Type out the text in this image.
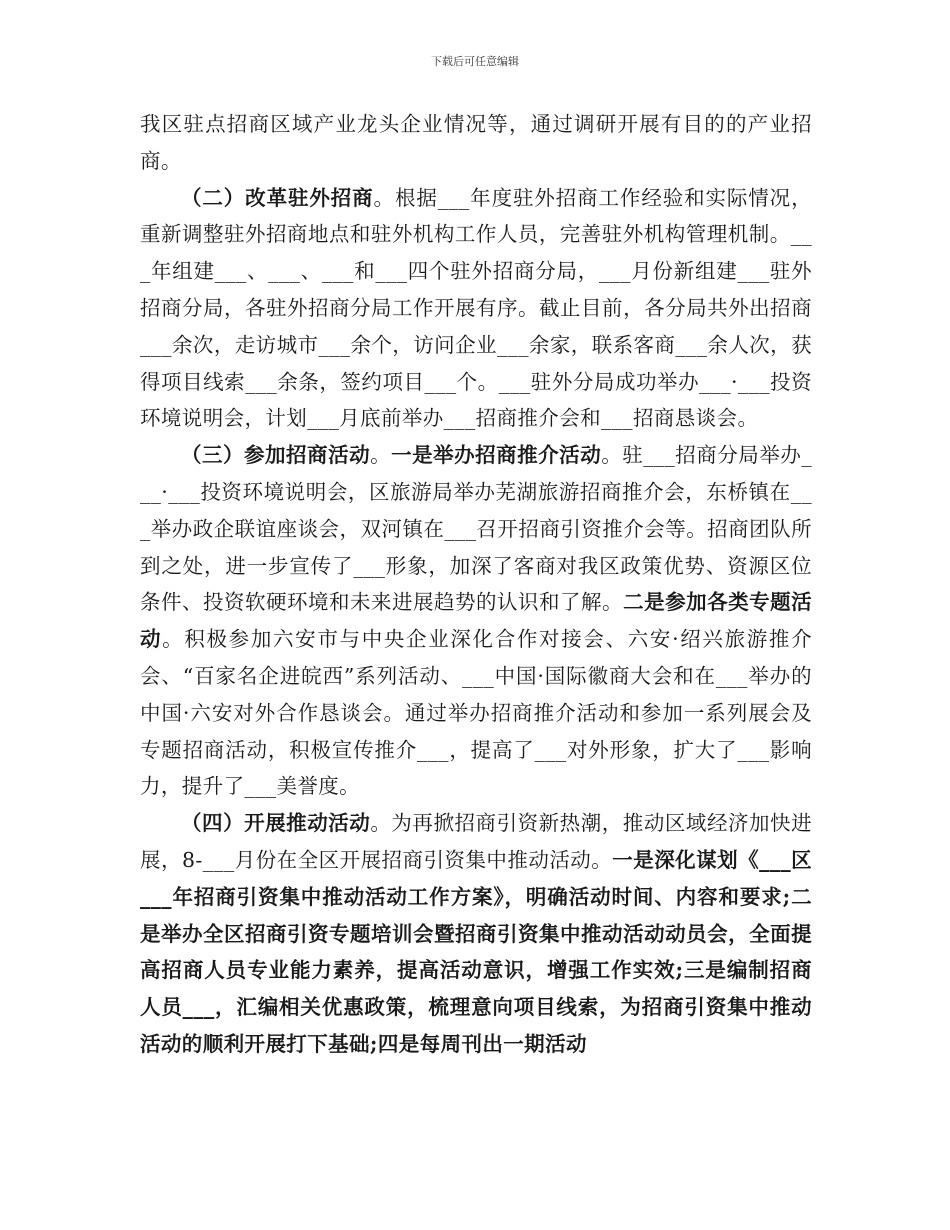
下载后可任意编辑

我区驻点招商区域产业龙头企业情况等，通过调研开展有目的的产业招商。

（二）改革驻外招商。根据___年度驻外招商工作经验和实际情况，重新调整驻外招商地点和驻外机构工作人员，完善驻外机构管理机制。___年组建___、___、___和___四个驻外招商分局，___月份新组建___驻外招商分局，各驻外招商分局工作开展有序。截止目前，各分局共外出招商___余次，走访城市___余个，访问企业___余家，联系客商___余人次，获得项目线索___余条，签约项目___个。___驻外分局成功举办___·___投资环境说明会，计划___月底前举办___招商推介会和___招商恳谈会。

（三）参加招商活动。一是举办招商推介活动。驻___招商分局举办___·___投资环境说明会，区旅游局举办芜湖旅游招商推介会，东桥镇在___举办政企联谊座谈会，双河镇在___召开招商引资推介会等。招商团队所到之处，进一步宣传了___形象，加深了客商对我区政策优势、资源区位条件、投资软硬环境和未来进展趋势的认识和了解。二是参加各类专题活动。积极参加六安市与中央企业深化合作对接会、六安·绍兴旅游推介会、“百家名企进皖西”系列活动、___中国·国际徽商大会和在___举办的中国·六安对外合作恳谈会。通过举办招商推介活动和参加一系列展会及专题招商活动，积极宣传推介___，提高了___对外形象，扩大了___影响力，提升了___美誉度。

（四）开展推动活动。为再掀招商引资新热潮，推动区域经济加快进展，8-___月份在全区开展招商引资集中推动活动。一是深化谋划《___区___年招商引资集中推动活动工作方案》，明确活动时间、内容和要求;二是举办全区招商引资专题培训会暨招商引资集中推动活动动员会，全面提高招商人员专业能力素养，提高活动意识，增强工作实效;三是编制招商人员___，汇编相关优惠政策，梳理意向项目线索，为招商引资集中推动活动的顺利开展打下基础;四是每周刊出一期活动
